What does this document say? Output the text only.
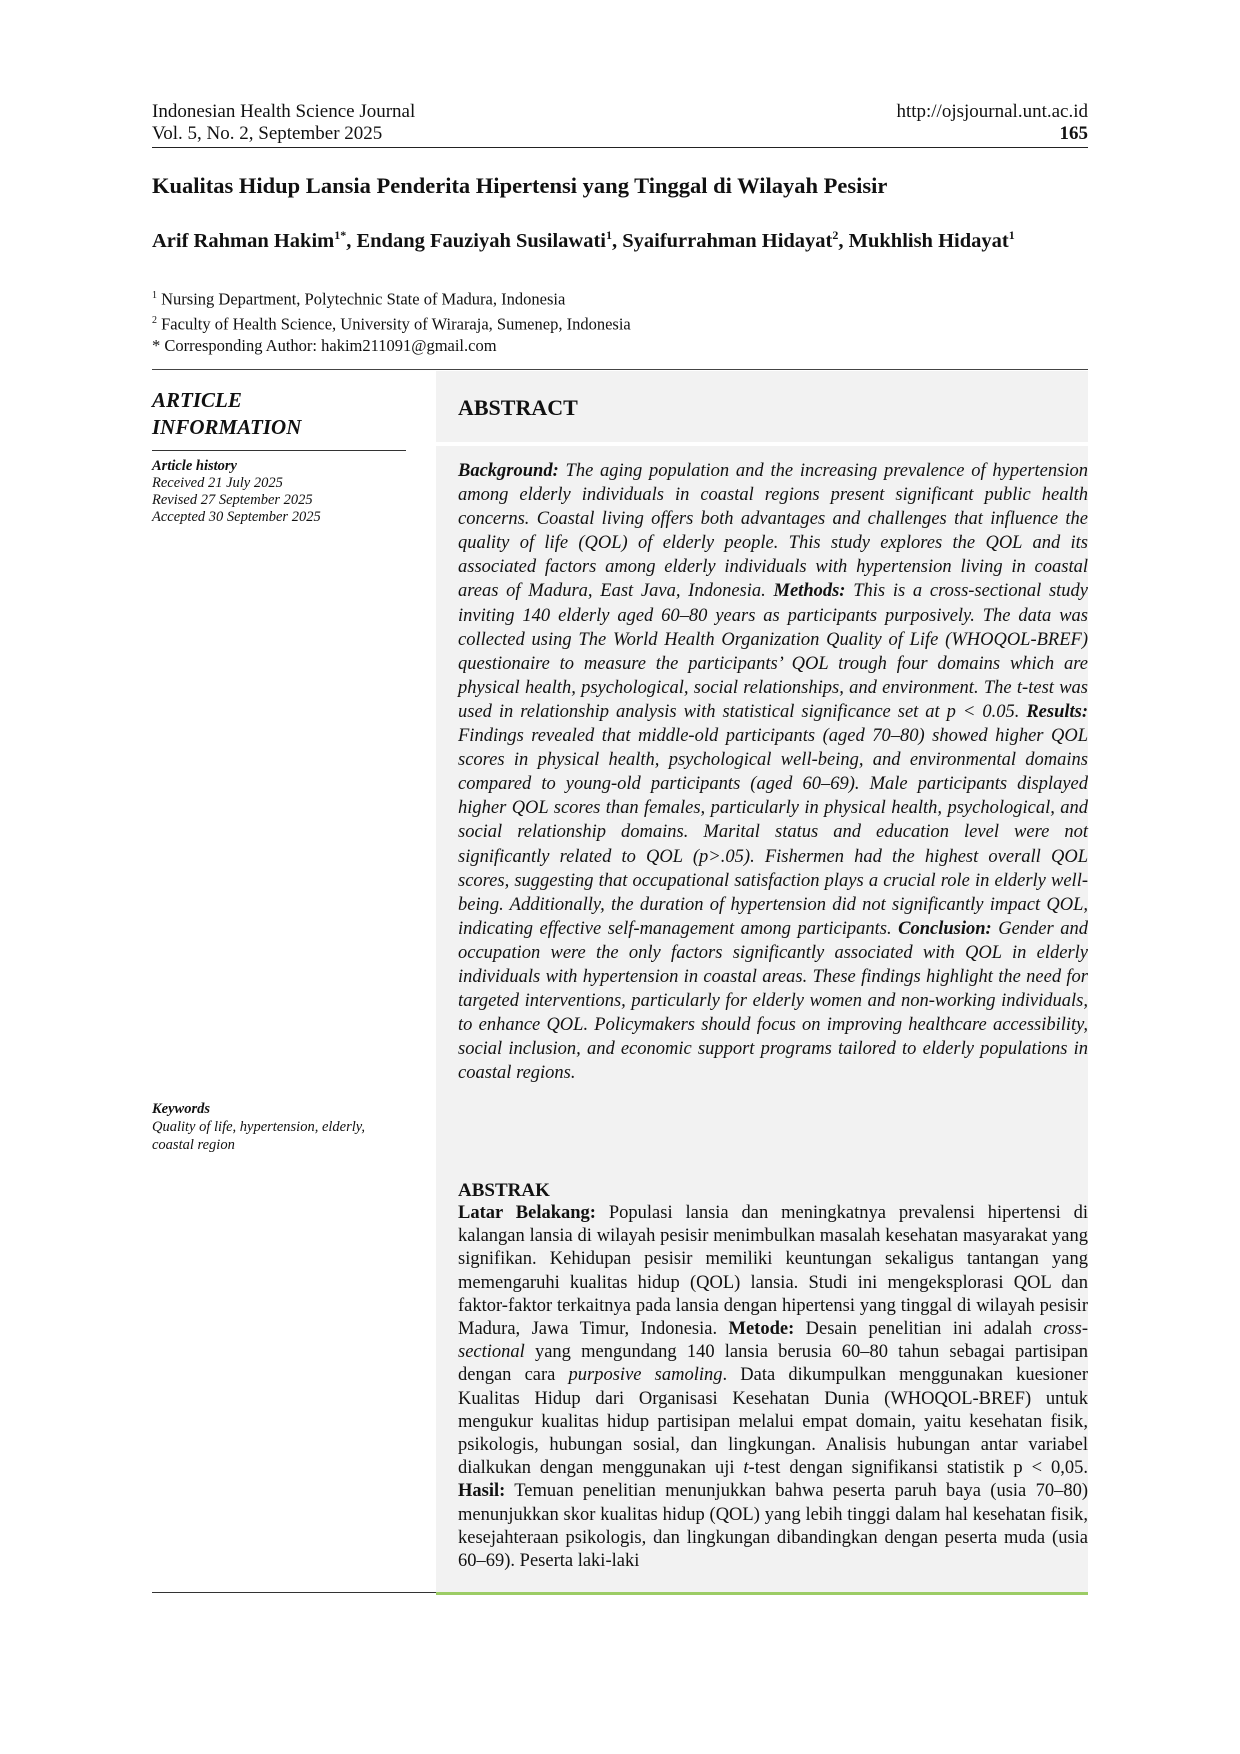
Indonesian Health Science Journal	http://ojsjournal.unt.ac.id
Vol. 5, No. 2, September 2025	165
Kualitas Hidup Lansia Penderita Hipertensi yang Tinggal di Wilayah Pesisir
Arif Rahman Hakim$^{1*}$, Endang Fauziyah Susilawati$^1$, Syaifurrahman Hidayat$^2$, Mukhlish Hidayat$^1$
$^1$ Nursing Department, Polytechnic State of Madura, Indonesia
$^2$ Faculty of Health Science, University of Wiraraja, Sumenep, Indonesia
* Corresponding Author: hakim211091@gmail.com
ARTICLE
INFORMATION
Article history
Received 21 July 2025
Revised 27 September 2025
Accepted 30 September 2025
Keywords
Quality of life, hypertension, elderly, coastal region
ABSTRACT
Background: The aging population and the increasing prevalence of hypertension among elderly individuals in coastal regions present significant public health concerns. Coastal living offers both advantages and challenges that influence the quality of life (QOL) of elderly people. This study explores the QOL and its associated factors among elderly individuals with hypertension living in coastal areas of Madura, East Java, Indonesia. Methods: This is a cross-sectional study inviting 140 elderly aged 60–80 years as participants purposively. The data was collected using The World Health Organization Quality of Life (WHOQOL-BREF) questionaire to measure the participants’ QOL trough four domains which are physical health, psychological, social relationships, and environment. The t-test was used in relationship analysis with statistical significance set at p < 0.05. Results: Findings revealed that middle-old participants (aged 70–80) showed higher QOL scores in physical health, psychological well-being, and environmental domains compared to young-old participants (aged 60–69). Male participants displayed higher QOL scores than females, particularly in physical health, psychological, and social relationship domains. Marital status and education level were not significantly related to QOL (p>.05). Fishermen had the highest overall QOL scores, suggesting that occupational satisfaction plays a crucial role in elderly well-being. Additionally, the duration of hypertension did not significantly impact QOL, indicating effective self-management among participants. Conclusion: Gender and occupation were the only factors significantly associated with QOL in elderly individuals with hypertension in coastal areas. These findings highlight the need for targeted interventions, particularly for elderly women and non-working individuals, to enhance QOL. Policymakers should focus on improving healthcare accessibility, social inclusion, and economic support programs tailored to elderly populations in coastal regions.
ABSTRAK
Latar Belakang: Populasi lansia dan meningkatnya prevalensi hipertensi di kalangan lansia di wilayah pesisir menimbulkan masalah kesehatan masyarakat yang signifikan. Kehidupan pesisir memiliki keuntungan sekaligus tantangan yang memengaruhi kualitas hidup (QOL) lansia. Studi ini mengeksplorasi QOL dan faktor-faktor terkaitnya pada lansia dengan hipertensi yang tinggal di wilayah pesisir Madura, Jawa Timur, Indonesia. Metode: Desain penelitian ini adalah cross-sectional yang mengundang 140 lansia berusia 60–80 tahun sebagai partisipan dengan cara purposive samoling. Data dikumpulkan menggunakan kuesioner Kualitas Hidup dari Organisasi Kesehatan Dunia (WHOQOL-BREF) untuk mengukur kualitas hidup partisipan melalui empat domain, yaitu kesehatan fisik, psikologis, hubungan sosial, dan lingkungan. Analisis hubungan antar variabel dialkukan dengan menggunakan uji t-test dengan signifikansi statistik p < 0,05. Hasil: Temuan penelitian menunjukkan bahwa peserta paruh baya (usia 70–80) menunjukkan skor kualitas hidup (QOL) yang lebih tinggi dalam hal kesehatan fisik, kesejahteraan psikologis, dan lingkungan dibandingkan dengan peserta muda (usia 60–69). Peserta laki-laki
